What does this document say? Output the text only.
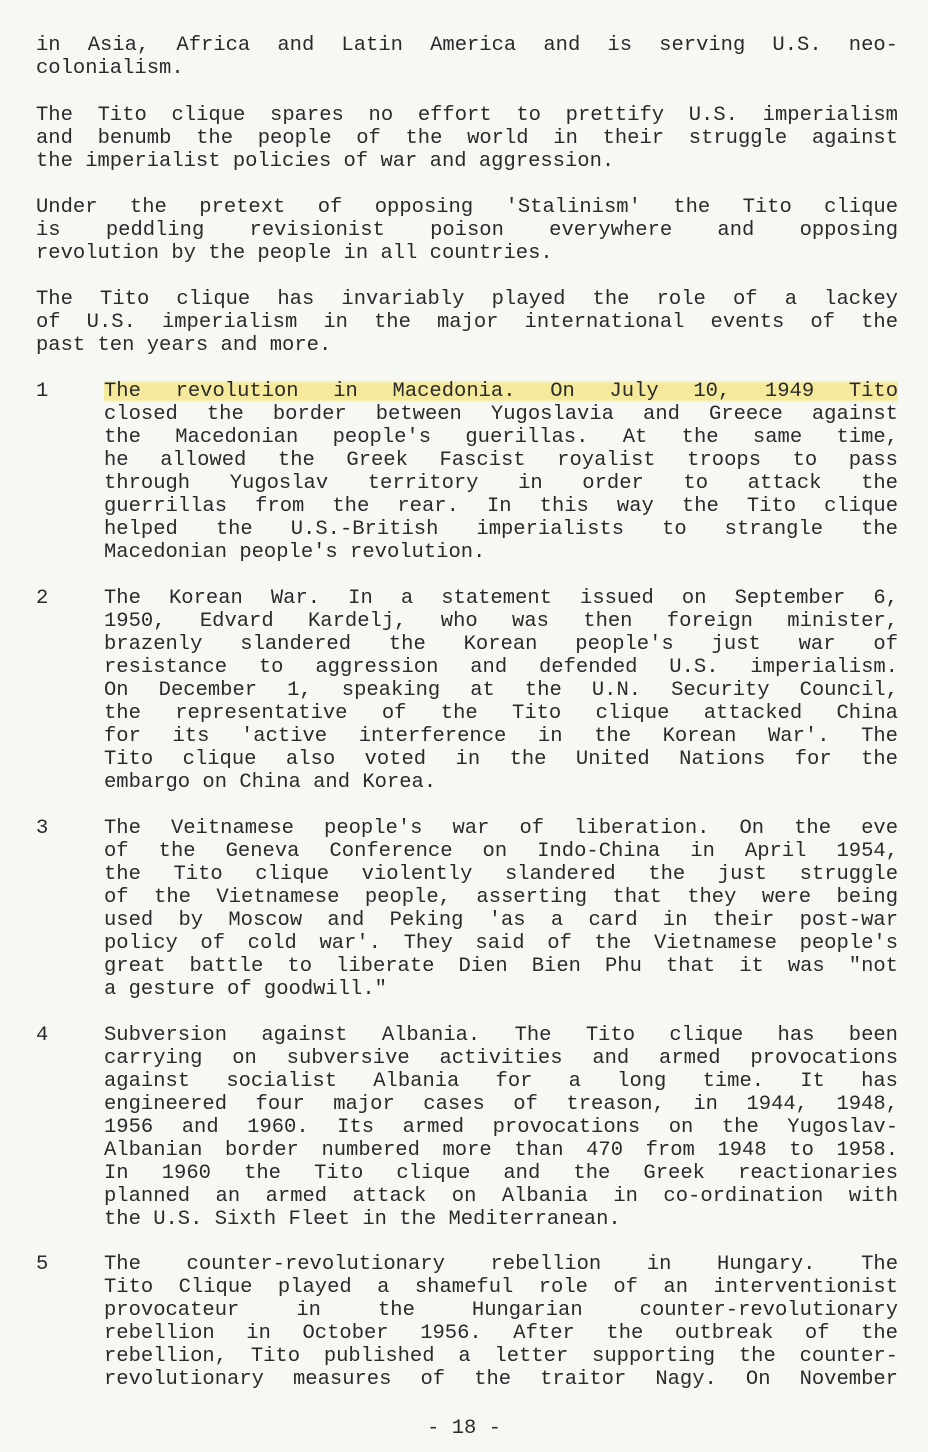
in Asia, Africa and Latin America and is serving U.S. neo-
colonialism.
The Tito clique spares no effort to prettify U.S. imperialism
and benumb the people of the world in their struggle against
the imperialist policies of war and aggression.
Under the pretext of opposing 'Stalinism' the Tito clique
is peddling revisionist poison everywhere and opposing
revolution by the people in all countries.
The Tito clique has invariably played the role of a lackey
of U.S. imperialism in the major international events of the
past ten years and more.
1	The revolution in Macedonia. On July 10, 1949 Tito
closed the border between Yugoslavia and Greece against
the Macedonian people's guerillas. At the same time,
he allowed the Greek Fascist royalist troops to pass
through Yugoslav territory in order to attack the
guerrillas from the rear. In this way the Tito clique
helped the U.S.-British imperialists to strangle the
Macedonian people's revolution.
2	The Korean War. In a statement issued on September 6,
1950, Edvard Kardelj, who was then foreign minister,
brazenly slandered the Korean people's just war of
resistance to aggression and defended U.S. imperialism.
On December 1, speaking at the U.N. Security Council,
the representative of the Tito clique attacked China
for its 'active interference in the Korean War'. The
Tito clique also voted in the United Nations for the
embargo on China and Korea.
3	The Veitnamese people's war of liberation. On the eve
of the Geneva Conference on Indo-China in April 1954,
the Tito clique violently slandered the just struggle
of the Vietnamese people, asserting that they were being
used by Moscow and Peking 'as a card in their post-war
policy of cold war'. They said of the Vietnamese people's
great battle to liberate Dien Bien Phu that it was "not
a gesture of goodwill."
4	Subversion against Albania. The Tito clique has been
carrying on subversive activities and armed provocations
against socialist Albania for a long time. It has
engineered four major cases of treason, in 1944, 1948,
1956 and 1960. Its armed provocations on the Yugoslav-
Albanian border numbered more than 470 from 1948 to 1958.
In 1960 the Tito clique and the Greek reactionaries
planned an armed attack on Albania in co-ordination with
the U.S. Sixth Fleet in the Mediterranean.
5	The counter-revolutionary rebellion in Hungary. The
Tito Clique played a shameful role of an interventionist
provocateur in the Hungarian counter-revolutionary
rebellion in October 1956. After the outbreak of the
rebellion, Tito published a letter supporting the counter-
revolutionary measures of the traitor Nagy. On November
- 18 -
